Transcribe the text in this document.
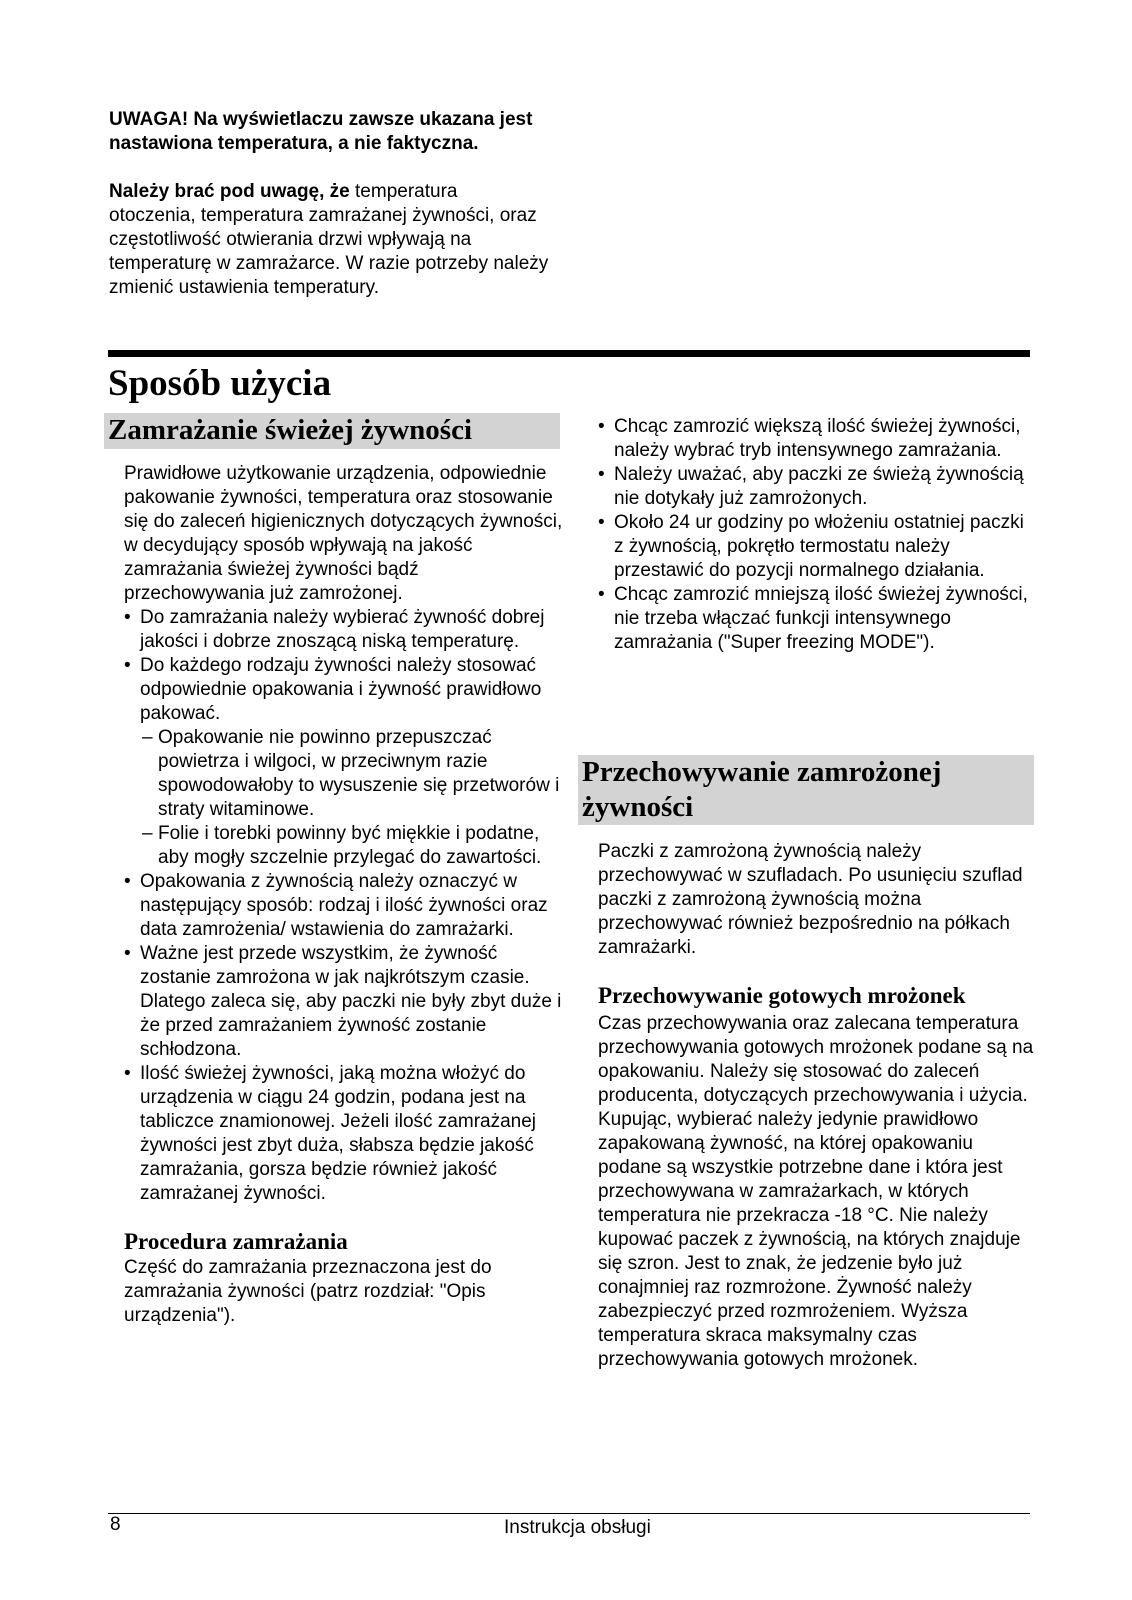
UWAGA! Na wyświetlaczu zawsze ukazana jest nastawiona temperatura, a nie faktyczna.

Należy brać pod uwagę, że temperatura otoczenia, temperatura zamrażanej żywności, oraz częstotliwość otwierania drzwi wpływają na temperaturę w zamrażarce. W razie potrzeby należy zmienić ustawienia temperatury.

Sposób użycia
Zamrażanie świeżej żywności

Prawidłowe użytkowanie urządzenia, odpowiednie pakowanie żywności, temperatura oraz stosowanie się do zaleceń higienicznych dotyczących żywności, w decydujący sposób wpływają na jakość zamrażania świeżej żywności bądź przechowywania już zamrożonej.

• Do zamrażania należy wybierać żywność dobrej jakości i dobrze znoszącą niską temperaturę.
• Do każdego rodzaju żywności należy stosować odpowiednie opakowania i żywność prawidłowo pakować.
– Opakowanie nie powinno przepuszczać powietrza i wilgoci, w przeciwnym razie spowodowałoby to wysuszenie się przetworów i straty witaminowe.
– Folie i torebki powinny być miękkie i podatne, aby mogły szczelnie przylegać do zawartości.
• Opakowania z żywnością należy oznaczyć w następujący sposób: rodzaj i ilość żywności oraz data zamrożenia/ wstawienia do zamrażarki.
• Ważne jest przede wszystkim, że żywność zostanie zamrożona w jak najkrótszym czasie. Dlatego zaleca się, aby paczki nie były zbyt duże i że przed zamrażaniem żywność zostanie schłodzona.
• Ilość świeżej żywności, jaką można włożyć do urządzenia w ciągu 24 godzin, podana jest na tabliczce znamionowej. Jeżeli ilość zamrażanej żywności jest zbyt duża, słabsza będzie jakość zamrażania, gorsza będzie również jakość zamrażanej żywności.
Procedura zamrażania

Część do zamrażania przeznaczona jest do zamrażania żywności (patrz rozdział: "Opis urządzenia").

• Chcąc zamrozić większą ilość świeżej żywności, należy wybrać tryb intensywnego zamrażania.
• Należy uważać, aby paczki ze świeżą żywnością nie dotykały już zamrożonych.
• Około 24 ur godziny po włożeniu ostatniej paczki z żywnością, pokrętło termostatu należy przestawić do pozycji normalnego działania.
• Chcąc zamrozić mniejszą ilość świeżej żywności, nie trzeba włączać funkcji intensywnego zamrażania ("Super freezing MODE").
Przechowywanie zamrożonej żywności

Paczki z zamrożoną żywnością należy przechowywać w szufladach. Po usunięciu szuflad paczki z zamrożoną żywnością można przechowywać również bezpośrednio na półkach zamrażarki.

Przechowywanie gotowych mrożonek

Czas przechowywania oraz zalecana temperatura przechowywania gotowych mrożonek podane są na opakowaniu. Należy się stosować do zaleceń producenta, dotyczących przechowywania i użycia. Kupując, wybierać należy jedynie prawidłowo zapakowaną żywność, na której opakowaniu podane są wszystkie potrzebne dane i która jest przechowywana w zamrażarkach, w których temperatura nie przekracza -18 °C. Nie należy kupować paczek z żywnością, na których znajduje się szron. Jest to znak, że jedzenie było już conajmniej raz rozmrożone. Żywność należy zabezpieczyć przed rozmrożeniem. Wyższa temperatura skraca maksymalny czas przechowywania gotowych mrożonek.

8	Instrukcja obsługi
